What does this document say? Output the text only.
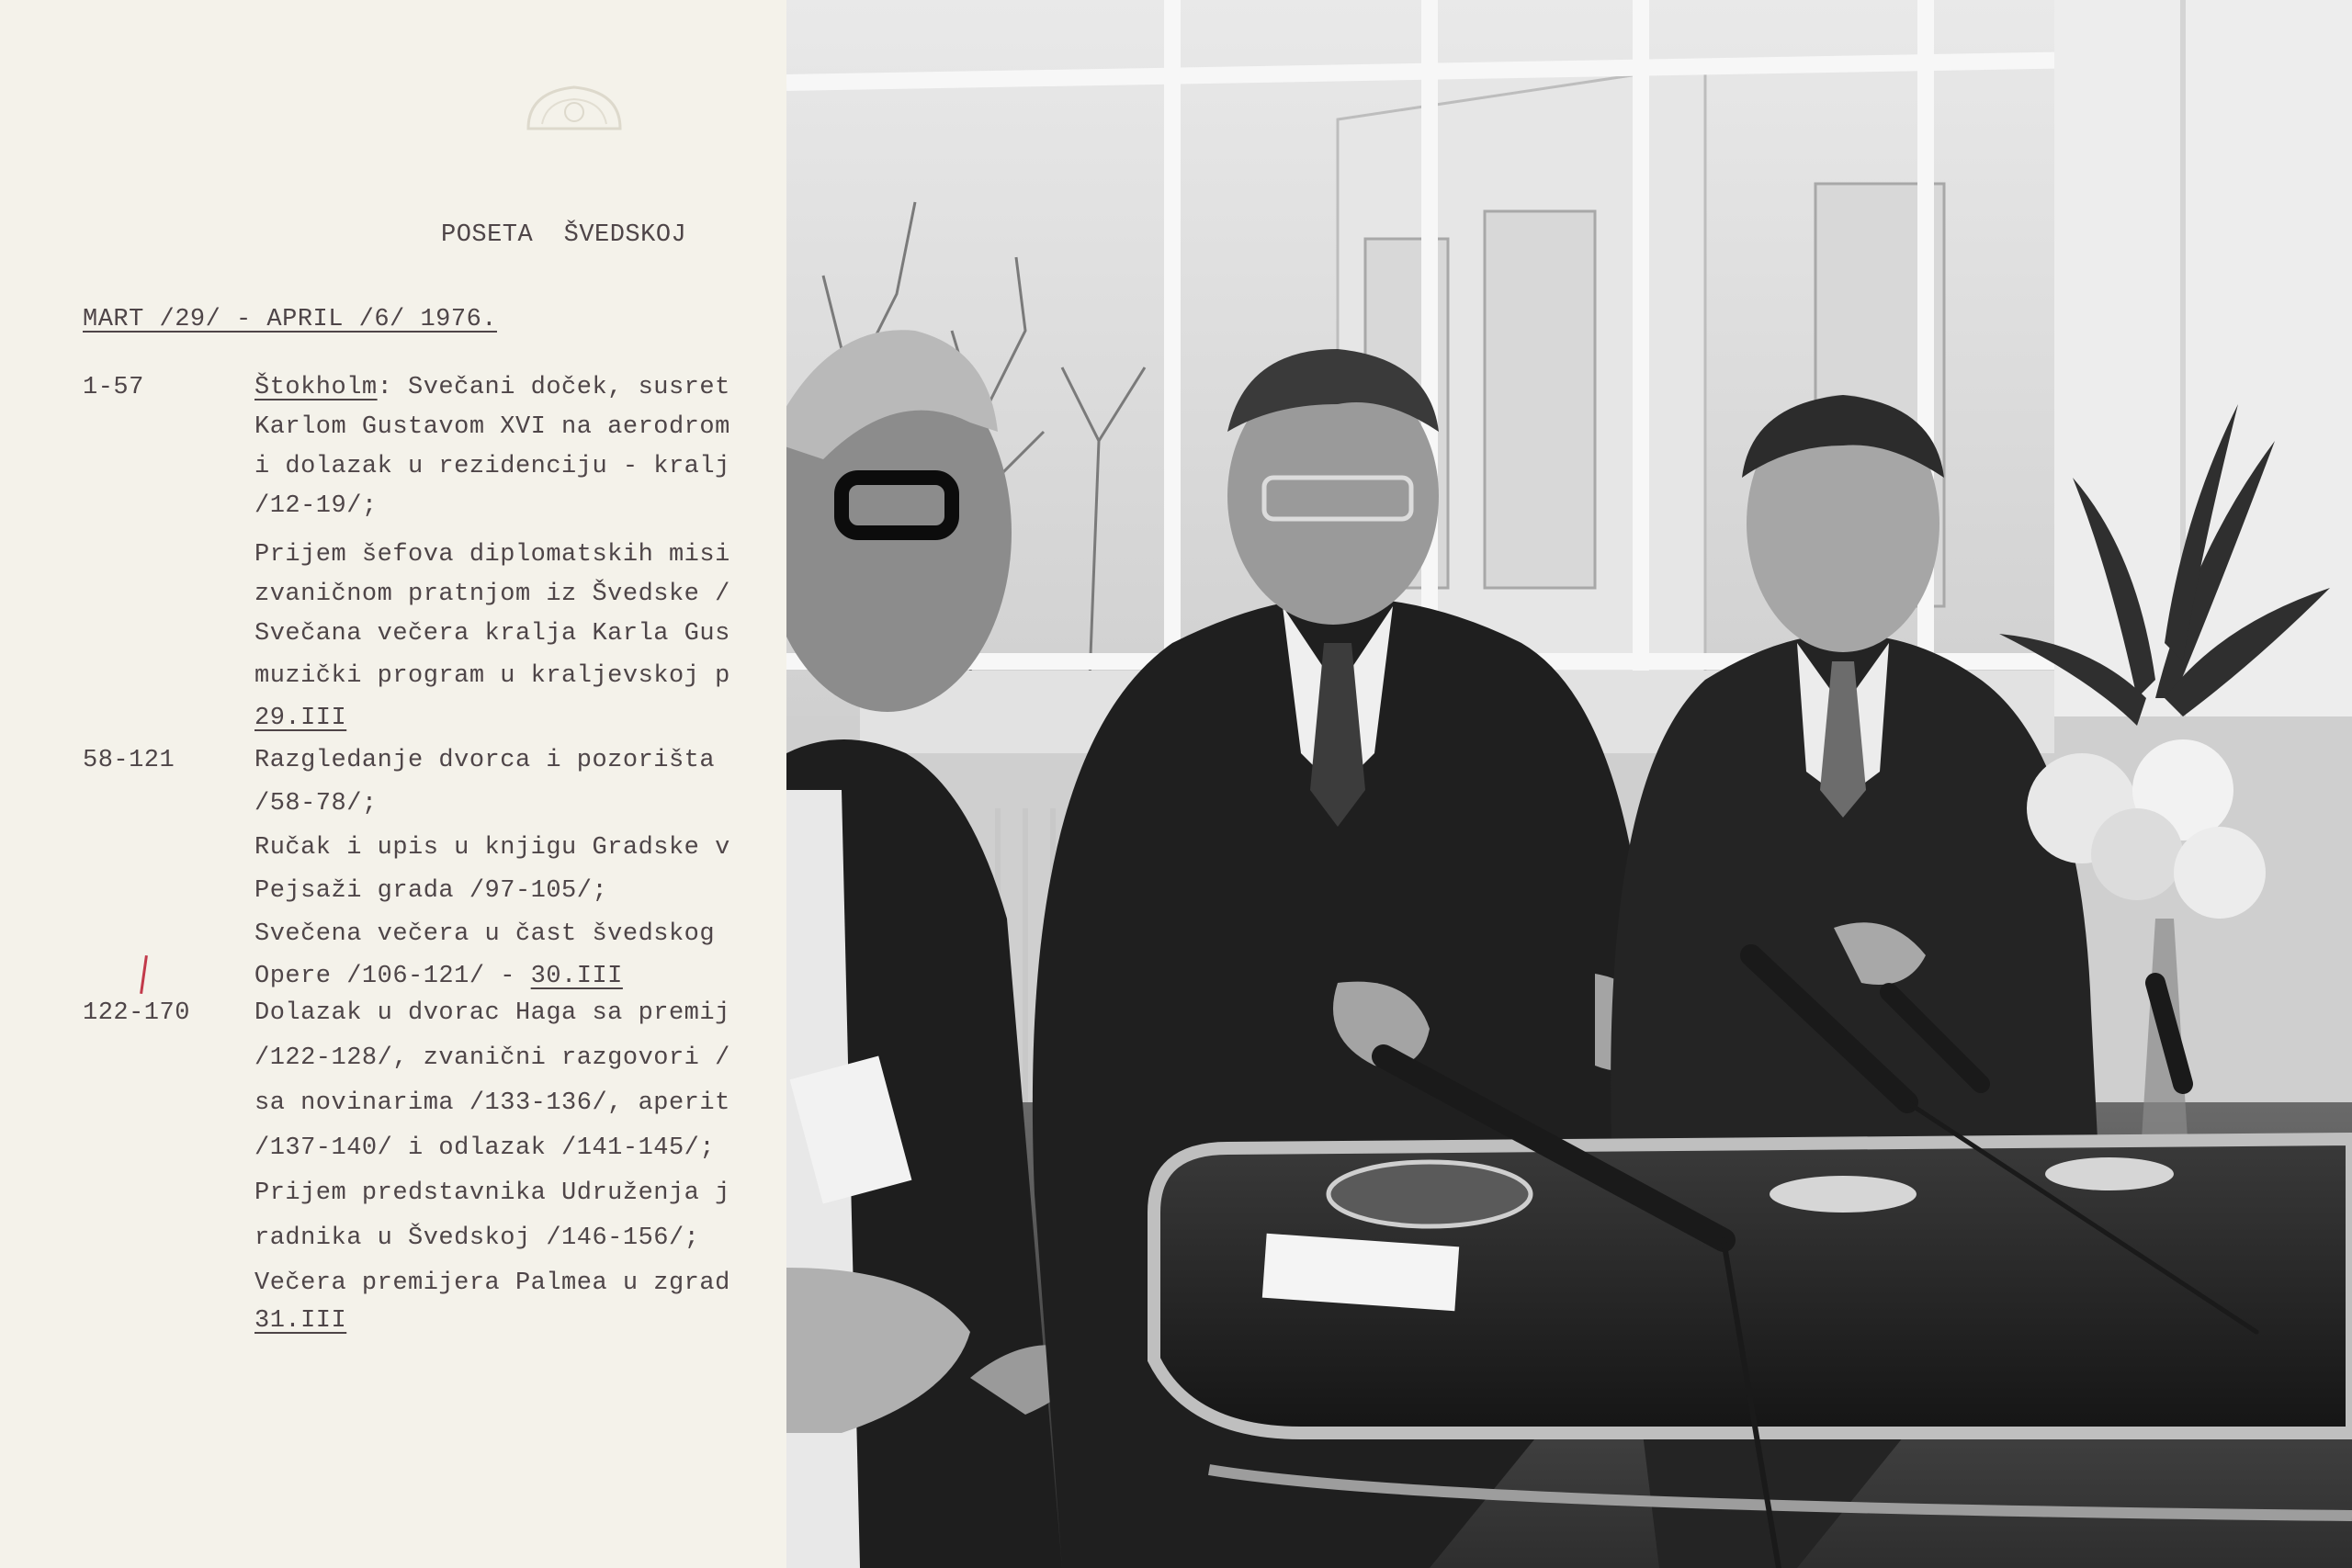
POSETA  ŠVEDSKOJ
MART /29/ - APRIL /6/ 1976.
1-57	Štokholm: Svečani doček, susret
Karlom Gustavom XVI na aerodrom
i dolazak u rezidenciju - kralj
/12-19/;
Prijem šefova diplomatskih misi
zvaničnom pratnjom iz Švedske /
Svečana večera kralja Karla Gus
muzički program u kraljevskoj p
29.III
58-121	Razgledanje dvorca i pozorišta
/58-78/;
Ručak i upis u knjigu Gradske v
Pejsaži grada /97-105/;
Svečena večera u čast švedskog
Opere /106-121/ - 30.III
122-170	Dolazak u dvorac Haga sa premij
/122-128/, zvanični razgovori /
sa novinarima /133-136/, aperit
/137-140/ i odlazak /141-145/;
Prijem predstavnika Udruženja j
radnika u Švedskoj /146-156/;
Večera premijera Palmea u zgrad
31.III
